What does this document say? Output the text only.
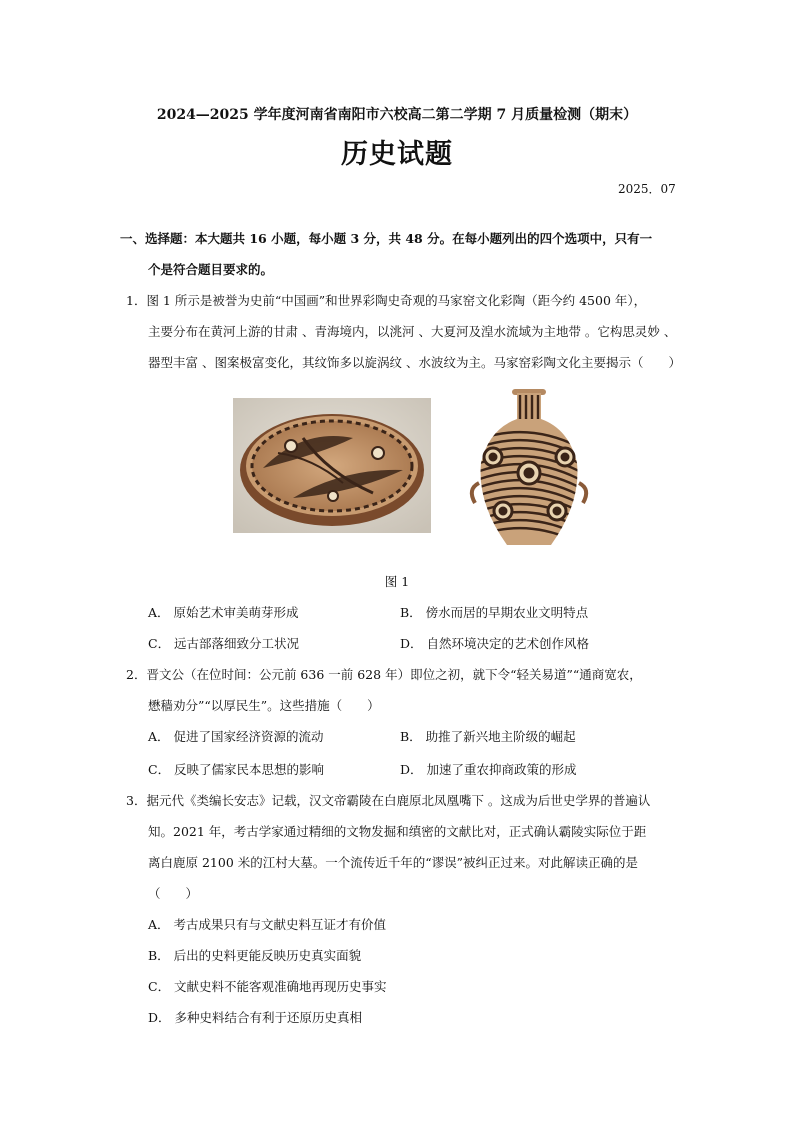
2024—2025 学年度河南省南阳市六校高二第二学期 7 月质量检测（期末）
历史试题
2025．07
一、选择题：本大题共 16 小题，每小题 3 分，共 48 分。在每小题列出的四个选项中，只有一
个是符合题目要求的。
1．图 1 所示是被誉为史前“中国画”和世界彩陶史奇观的马家窑文化彩陶（距今约 4500 年），
主要分布在黄河上游的甘肃 、青海境内，以洮河 、大夏河及湟水流域为主地带 。它构思灵妙 、
器型丰富 、图案极富变化，其纹饰多以旋涡纹 、水波纹为主。马家窑彩陶文化主要揭示（　　）
图 1
A． 原始艺术审美萌芽形成	B． 傍水而居的早期农业文明特点
C． 远古部落细致分工状况	D． 自然环境决定的艺术创作风格
2．晋文公（在位时间：公元前 636 一前 628 年）即位之初，就下令“轻关易道”“通商宽农，
懋穑劝分”“以厚民生”。这些措施（　　）
A． 促进了国家经济资源的流动	B． 助推了新兴地主阶级的崛起
C． 反映了儒家民本思想的影响	D． 加速了重农抑商政策的形成
3．据元代《类编长安志》记载，汉文帝霸陵在白鹿原北凤凰嘴下 。这成为后世史学界的普遍认
知。2021 年，考古学家通过精细的文物发掘和缜密的文献比对，正式确认霸陵实际位于距
离白鹿原 2100 米的江村大墓。一个流传近千年的“谬误”被纠正过来。对此解读正确的是
（　　）
A． 考古成果只有与文献史料互证才有价值
B． 后出的史料更能反映历史真实面貌
C． 文献史料不能客观准确地再现历史事实
D． 多种史料结合有利于还原历史真相
